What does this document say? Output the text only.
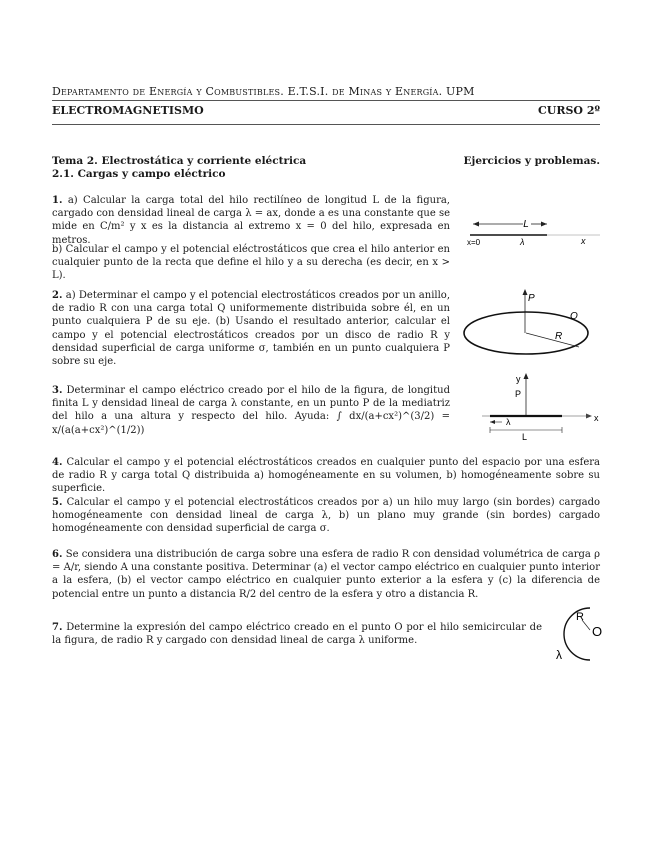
Departamento de Energía y Combustibles. E.T.S.I. de Minas y Energía. UPM
ELECTROMAGNETISMO	CURSO 2º
Tema 2. Electrostática y corriente eléctrica	Ejercicios y problemas.
2.1. Cargas y campo eléctrico
1. a) Calcular la carga total del hilo rectilíneo de longitud L de la figura, cargado con densidad lineal de carga λ = ax, donde a es una constante que se mide en C/m² y x es la distancia al extremo x = 0 del hilo, expresada en metros.
b) Calcular el campo y el potencial eléctrostáticos que crea el hilo anterior en cualquier punto de la recta que define el hilo y a su derecha (es decir, en x > L).
L
x=0	λ	x
2. a) Determinar el campo y el potencial electrostáticos creados por un anillo, de radio R con una carga total Q uniformemente distribuida sobre él, en un punto cualquiera P de su eje. (b) Usando el resultado anterior, calcular el campo y el potencial electrostáticos creados por un disco de radio R y densidad superficial de carga uniforme σ, también en un punto cualquiera P sobre su eje.
P
R
O
3. Determinar el campo eléctrico creado por el hilo de la figura, de longitud finita L y densidad lineal de carga λ constante, en un punto P de la mediatriz del hilo a una altura y respecto del hilo. Ayuda: ∫ dx/(a+cx²)^(3/2) = x/(a(a+cx²)^(1/2))
y
P
x
λ
L
4. Calcular el campo y el potencial eléctrostáticos creados en cualquier punto del espacio por una esfera de radio R y carga total Q distribuida a) homogéneamente en su volumen, b) homogéneamente sobre su superficie.
5. Calcular el campo y el potencial electrostáticos creados por a) un hilo muy largo (sin bordes) cargado homogéneamente con densidad lineal de carga λ, b) un plano muy grande (sin bordes) cargado homogéneamente con densidad superficial de carga σ.
6. Se considera una distribución de carga sobre una esfera de radio R con densidad volumétrica de carga ρ = A/r, siendo A una constante positiva. Determinar (a) el vector campo eléctrico en cualquier punto interior a la esfera, (b) el vector campo eléctrico en cualquier punto exterior a la esfera y (c) la diferencia de potencial entre un punto a distancia R/2 del centro de la esfera y otro a distancia R.
7. Determine la expresión del campo eléctrico creado en el punto O por el hilo semicircular de la figura, de radio R y cargado con densidad lineal de carga λ uniforme.
R
O
λ
